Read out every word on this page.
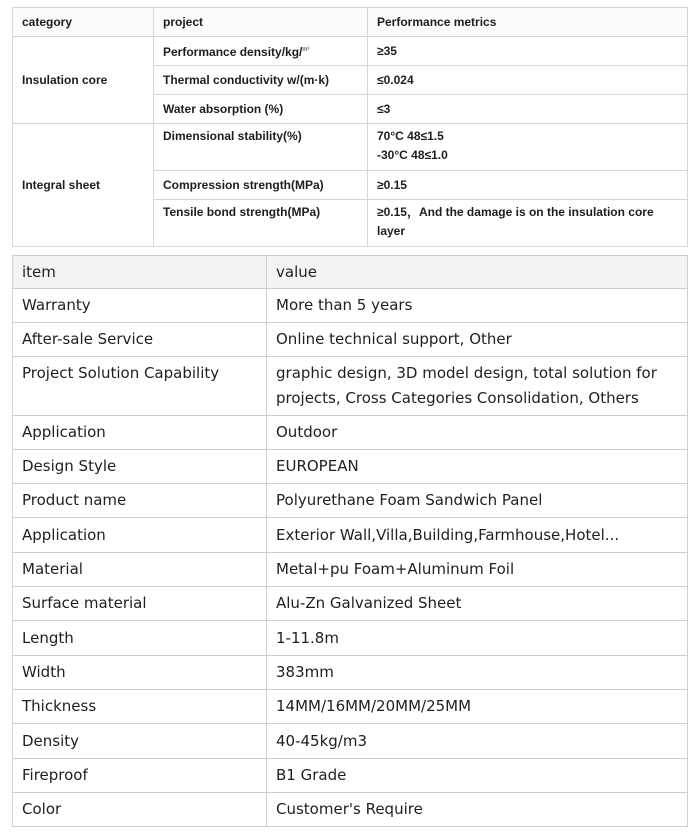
category	project	Performance metrics
Insulation core	Performance density/kg/$^{m^3}$	≥35
	Thermal conductivity w/(m·k)	≤0.024
	Water absorption (%)	≤3
Integral sheet	Dimensional stability(%)	70°C 48≤1.5
-30°C 48≤1.0

	Compression strength(MPa)	≥0.15
	Tensile bond strength(MPa)	≥0.15，And the damage is on the insulation core layer
item	value
Warranty	More than 5 years
After-sale Service	Online technical support, Other
Project Solution Capability	graphic design, 3D model design, total solution for projects, Cross Categories Consolidation, Others
Application	Outdoor
Design Style	EUROPEAN
Product name	Polyurethane Foam Sandwich Panel
Application	Exterior Wall,Villa,Building,Farmhouse,Hotel...
Material	Metal+pu Foam+Aluminum Foil
Surface material	Alu-Zn Galvanized Sheet
Length	1-11.8m
Width	383mm
Thickness	14MM/16MM/20MM/25MM
Density	40-45kg/m3
Fireproof	B1 Grade
Color	Customer's Require
